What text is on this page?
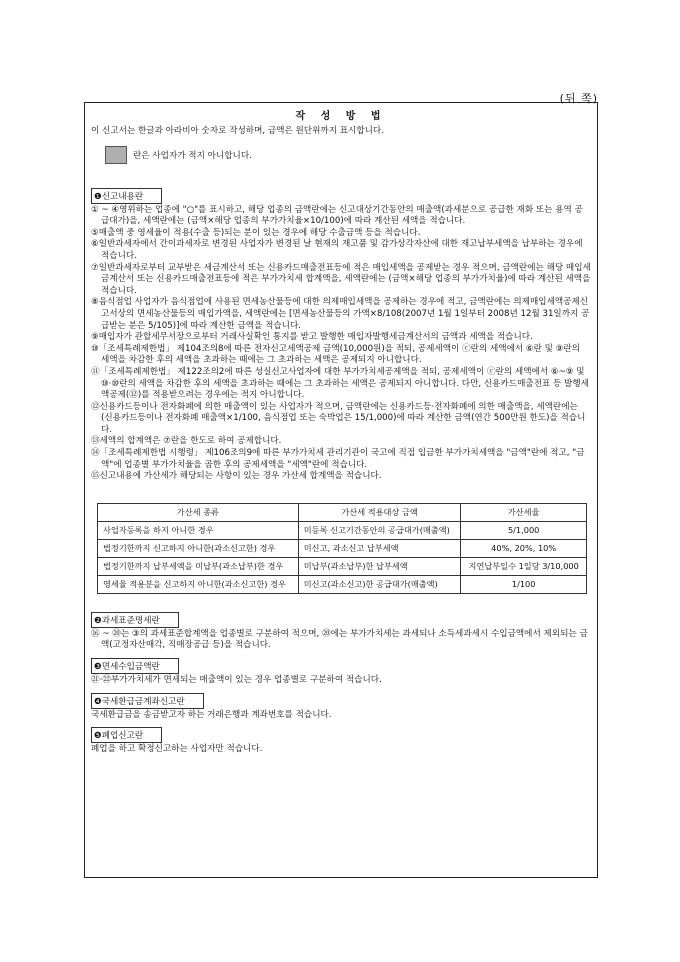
(뒤 쪽)
작 성 방 법

이 신고서는 한글과 아라비아 숫자로 작성하며, 금액은 원단위까지 표시합니다.

란은 사업자가 적지 아니합니다.
❶신고내용란

① ~ ④영위하는 업종에 "○"를 표시하고, 해당 업종의 금액란에는 신고대상기간동안의 매출액(과세분으로 공급한 재화 또는 용역 공급대가)을, 세액란에는 (금액×해당 업종의 부가가치율×10/100)에 따라 계산된 세액을 적습니다.

⑤매출액 중 영세율이 적용(수출 등)되는 분이 있는 경우에 해당 수출금액 등을 적습니다.

⑥일반과세자에서 간이과세자로 변경된 사업자가 변경된 날 현재의 재고품 및 감가상각자산에 대한 재고납부세액을 납부하는 경우에 적습니다.

⑦일반과세자로부터 교부받은 세금계산서 또는 신용카드매출전표등에 적은 매입세액을 공제받는 경우 적으며, 금액란에는 해당 매입세금계산서 또는 신용카드매출전표등에 적은 부가가치세 합계액을, 세액란에는 (금액×해당 업종의 부가가치율)에 따라 계산된 세액을 적습니다.

⑧음식점업 사업자가 음식점업에 사용된 면세농산물등에 대한 의제매입세액을 공제하는 경우에 적고, 금액란에는 의제매입세액공제신고서상의 면세농산물등의 매입가액을, 세액란에는 [면세농산물등의 가액×8/108(2007년 1월 1일부터 2008년 12월 31일까지 공급받는 분은 5/105)]에 따라 계산한 금액을 적습니다.

⑨매입자가 관할세무서장으로부터 거래사실확인 통지를 받고 발행한 매입자발행세금계산서의 금액과 세액을 적습니다.

⑩「조세특례제한법」 제104조의8에 따른 전자신고세액공제 금액(10,000원)을 적되, 공제세액이 ⓒ란의 세액에서 ⑥란 및 ⑨란의 세액을 차감한 후의 세액을 초과하는 때에는 그 초과하는 세액은 공제되지 아니합니다.

⑪「조세특례제한법」 제122조의2에 따른 성실신고사업자에 대한 부가가치세공제액을 적되, 공제세액이 ⓒ란의 세액에서 ⑥~⑨ 및 ⑩·⑩란의 세액을 차감한 후의 세액을 초과하는 때에는 그 초과하는 세액은 공제되지 아니합니다. 다만, 신용카드매출전표 등 발행세액공제(⑫)를 적용받으려는 경우에는 적지 아니합니다.

⑫신용카드등이나 전자화폐에 의한 매출액이 있는 사업자가 적으며, 금액란에는 신용카드등·전자화폐에 의한 매출액을, 세액란에는 (신용카드등이나 전자화폐 매출액×1/100, 음식점업 또는 숙박업은 15/1,000)에 따라 계산한 금액(연간 500만원 한도)을 적습니다.

⑬세액의 합계액은 ⑦란을 한도로 하여 공제합니다.

⑭「조세특례제한법 시행령」 제106조의9에 따른 부가가치세 관리기관이 국고에 직접 입금한 부가가치세액을 "금액"란에 적고, "금액"에 업종별 부가가치율을 곱한 후의 공제세액을 "세액"란에 적습니다.

⑮신고내용에 가산세가 해당되는 사항이 있는 경우 가산세 합계액을 적습니다.

가산세 종류	가산세 적용대상 금액	가산세율
사업자등록을 하지 아니한 경우	미등록 신고기간동안의 공급대가(매출액)	5/1,000
법정기한까지 신고하지 아니한(과소신고한) 경우	미신고, 과소신고 납부세액	40%, 20%, 10%
법정기한까지 납부세액을 미납부(과소납부)한 경우	미납부(과소납부)한 납부세액	지연납부일수 1일당 3/10,000
영세율 적용분을 신고하지 아니한(과소신고한) 경우	미신고(과소신고)한 공급대가(매출액)	1/100
❷과세표준명세란

⑯ ~ ⑳는 ③의 과세표준합계액을 업종별로 구분하여 적으며, ⑳에는 부가가치세는 과세되나 소득세과세시 수입금액에서 제외되는 금액(고정자산매각, 직매장공급 등)을 적습니다.

❸면세수입금액란

㉑·㉒부가가치세가 면세되는 매출액이 있는 경우 업종별로 구분하여 적습니다.

❹국세환급금계좌신고란

국세환급금을 송금받고자 하는 거래은행과 계좌번호를 적습니다.

❺폐업신고란

폐업을 하고 확정신고하는 사업자만 적습니다.
